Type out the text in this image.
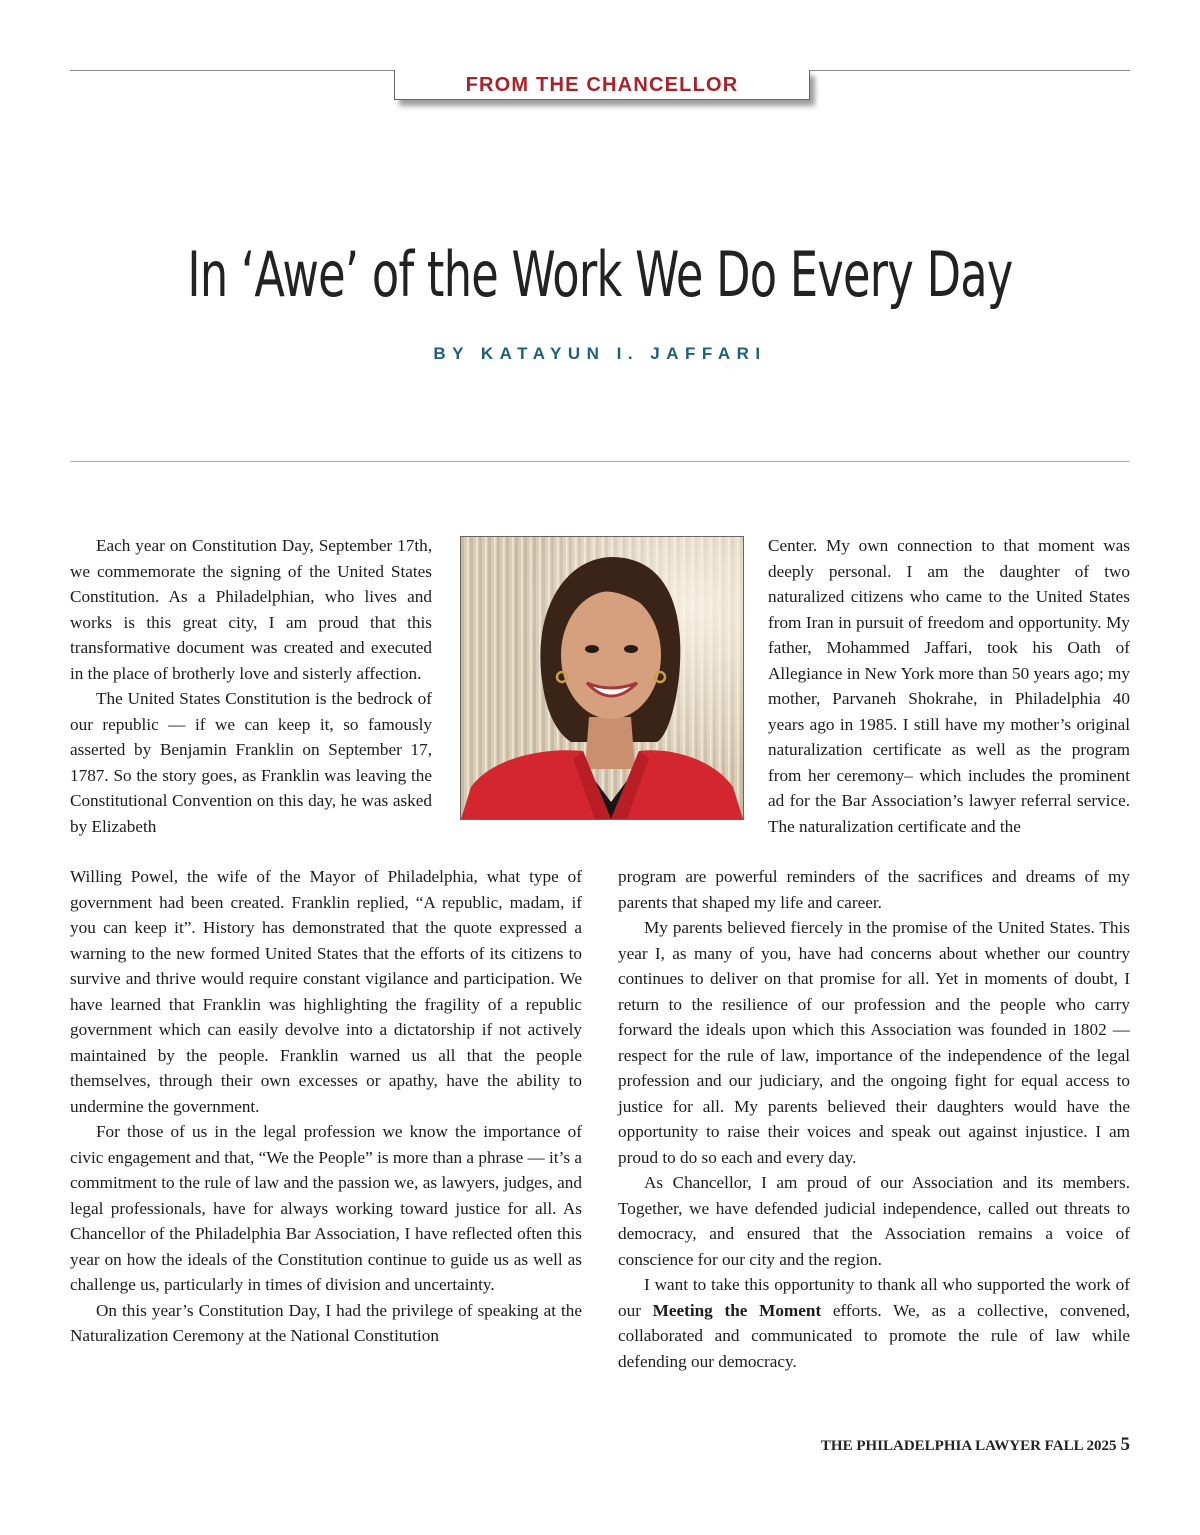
FROM THE CHANCELLOR
In ‘Awe’ of the Work We Do Every Day
BY KATAYUN I. JAFFARI

Each year on Constitution Day, September 17th, we commemorate the signing of the United States Constitution. As a Philadelphian, who lives and works is this great city, I am proud that this transformative document was created and executed in the place of brotherly love and sisterly affection.

The United States Constitution is the bedrock of our republic — if we can keep it, so famously asserted by Benjamin Franklin on September 17, 1787. So the story goes, as Franklin was leaving the Constitutional Convention on this day, he was asked by Elizabeth

Willing Powel, the wife of the Mayor of Philadelphia, what type of government had been created. Franklin replied, “A republic, madam, if you can keep it”. History has demonstrated that the quote expressed a warning to the new formed United States that the efforts of its citizens to survive and thrive would require constant vigilance and participation. We have learned that Franklin was highlighting the fragility of a republic government which can easily devolve into a dictatorship if not actively maintained by the people. Franklin warned us all that the people themselves, through their own excesses or apathy, have the ability to undermine the government.

For those of us in the legal profession we know the importance of civic engagement and that, “We the People” is more than a phrase — it’s a commitment to the rule of law and the passion we, as lawyers, judges, and legal professionals, have for always working toward justice for all. As Chancellor of the Philadelphia Bar Association, I have reflected often this year on how the ideals of the Constitution continue to guide us as well as challenge us, particularly in times of division and uncertainty.

On this year’s Constitution Day, I had the privilege of speaking at the Naturalization Ceremony at the National Constitution

Center. My own connection to that moment was deeply personal. I am the daughter of two naturalized citizens who came to the United States from Iran in pursuit of freedom and opportunity. My father, Mohammed Jaffari, took his Oath of Allegiance in New York more than 50 years ago; my mother, Parvaneh Shokrahe, in Philadelphia 40 years ago in 1985. I still have my mother’s original naturalization certificate as well as the program from her ceremony– which includes the prominent ad for the Bar Association’s lawyer referral service. The naturalization certificate and the

program are powerful reminders of the sacrifices and dreams of my parents that shaped my life and career.

My parents believed fiercely in the promise of the United States. This year I, as many of you, have had concerns about whether our country continues to deliver on that promise for all. Yet in moments of doubt, I return to the resilience of our profession and the people who carry forward the ideals upon which this Association was founded in 1802 — respect for the rule of law, importance of the independence of the legal profession and our judiciary, and the ongoing fight for equal access to justice for all. My parents believed their daughters would have the opportunity to raise their voices and speak out against injustice. I am proud to do so each and every day.

As Chancellor, I am proud of our Association and its members. Together, we have defended judicial independence, called out threats to democracy, and ensured that the Association remains a voice of conscience for our city and the region.

I want to take this opportunity to thank all who supported the work of our Meeting the Moment efforts. We, as a collective, convened, collaborated and communicated to promote the rule of law while defending our democracy.

THE PHILADELPHIA LAWYER FALL 2025 5
